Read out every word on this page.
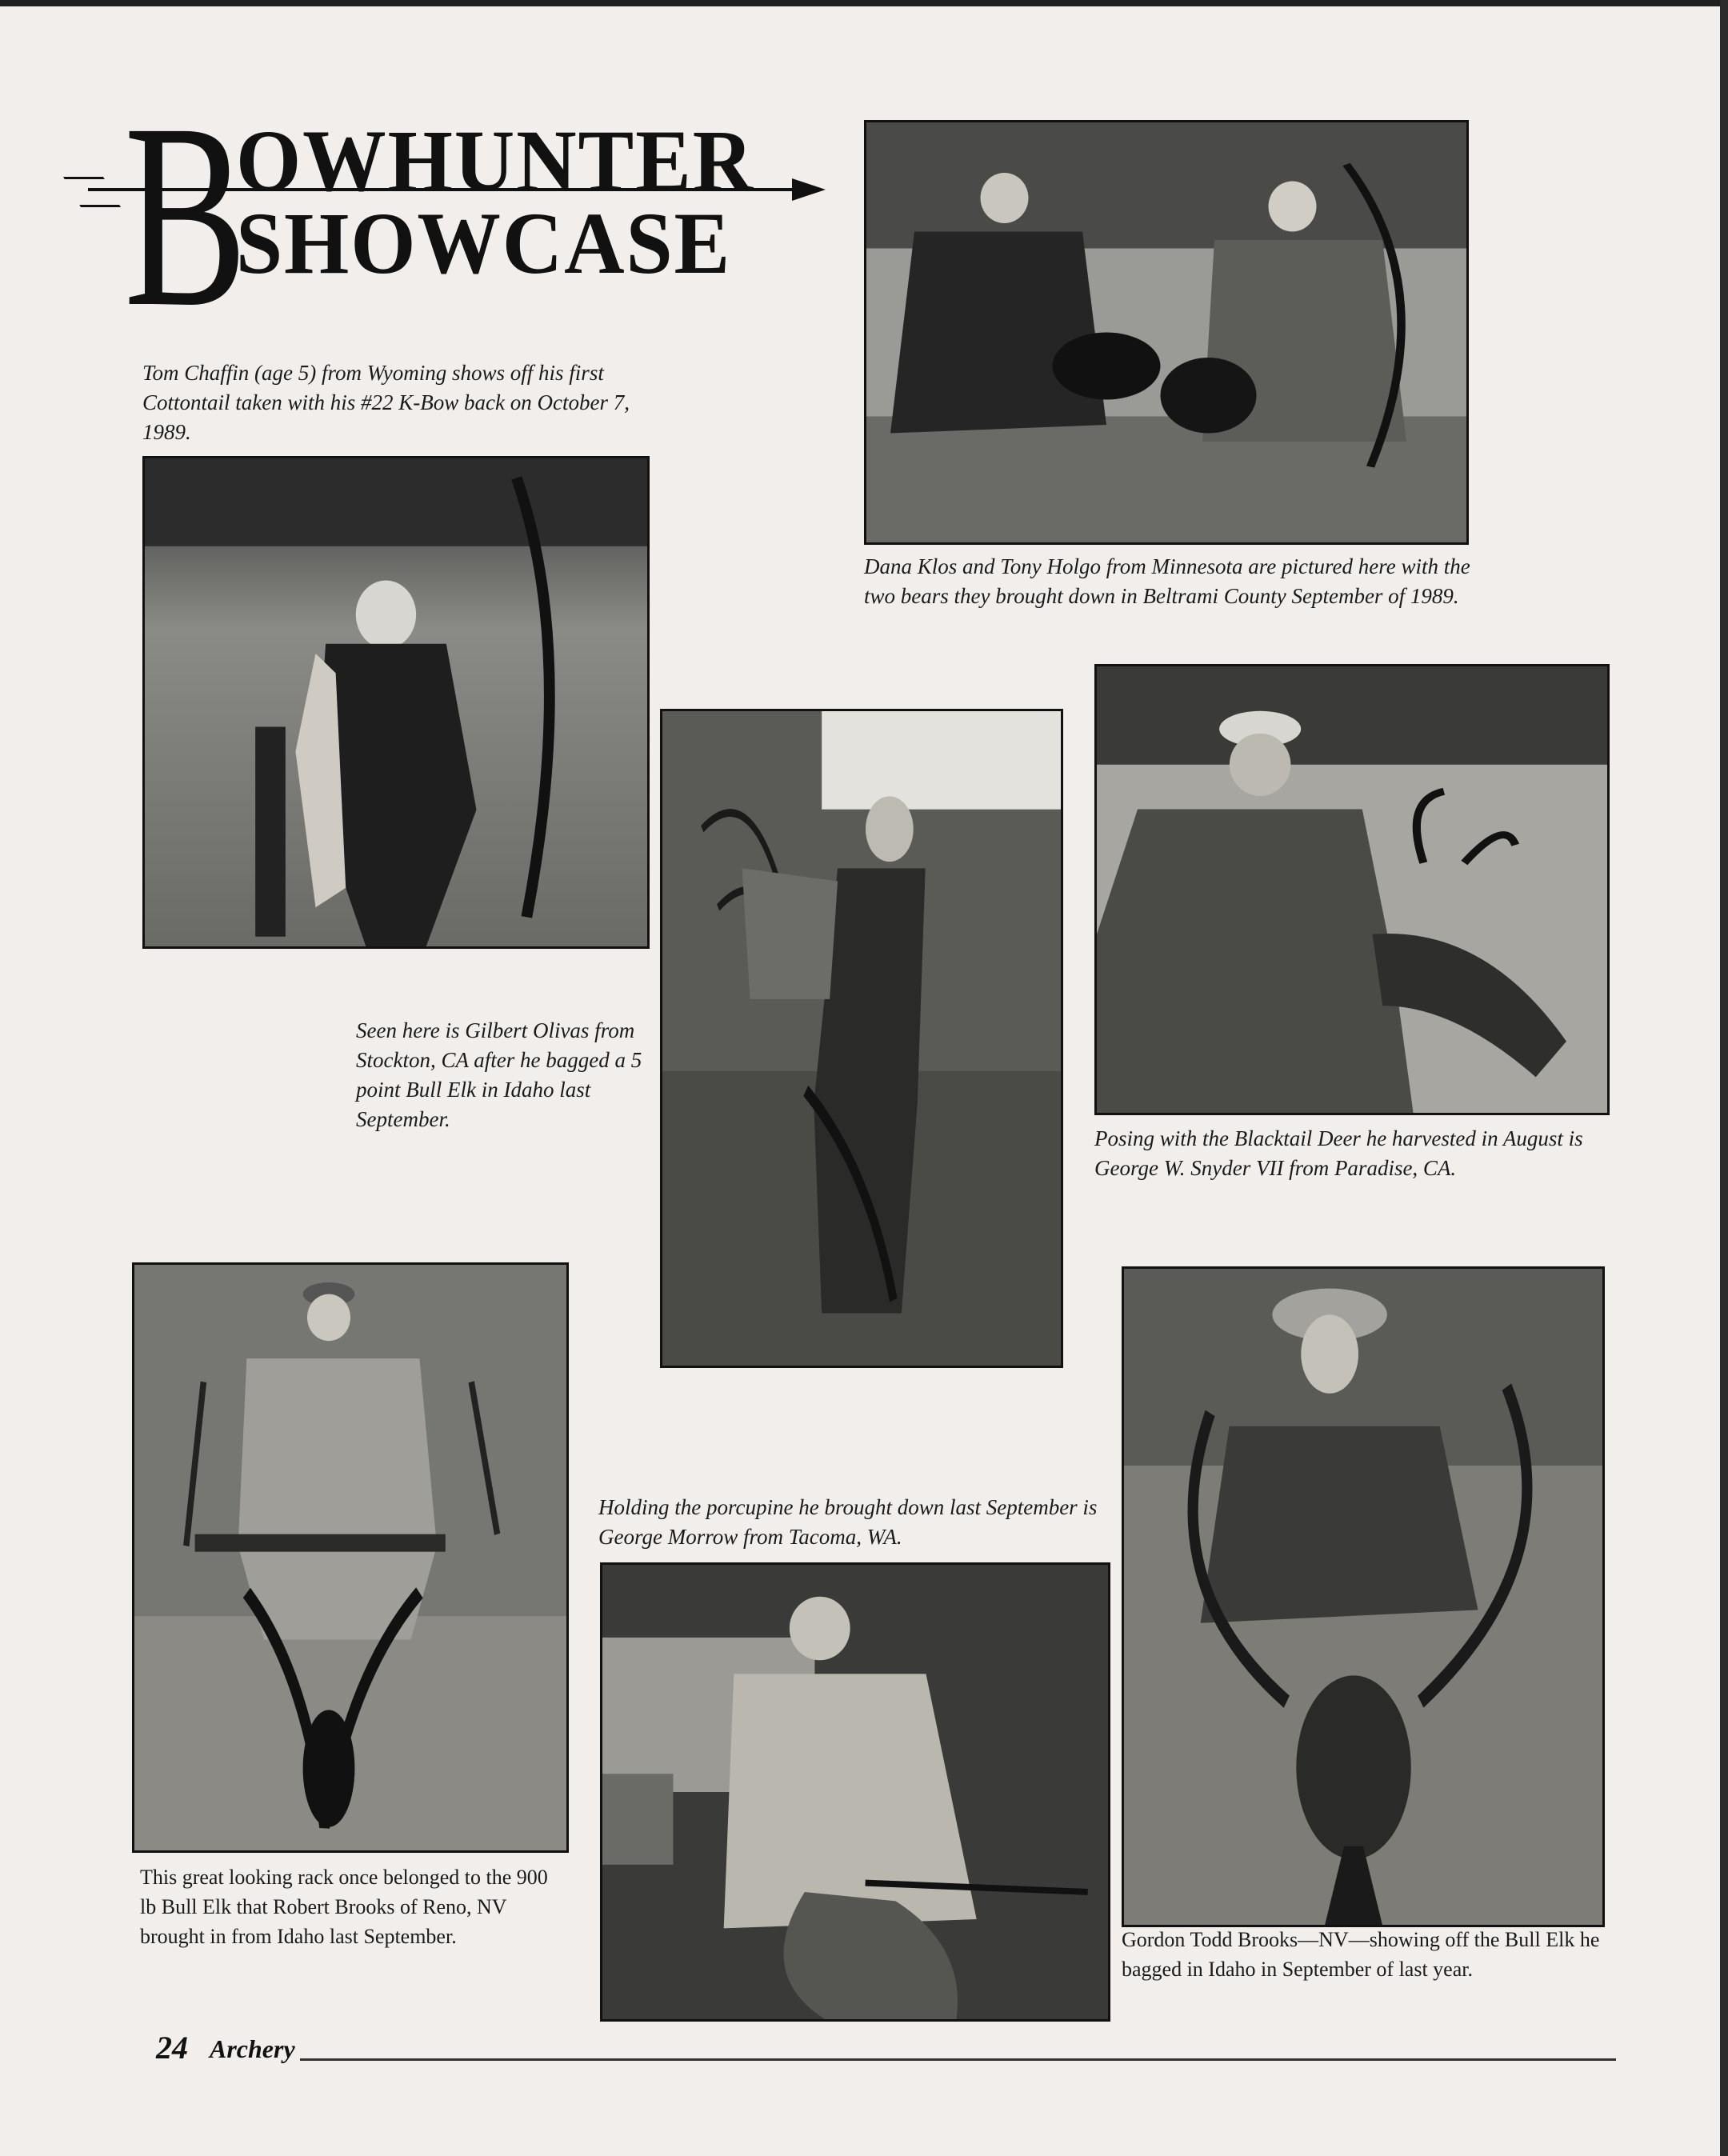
B
OWHUNTER
SHOWCASE
Tom Chaffin (age 5) from Wyoming shows off his first Cottontail taken with his #22 K-Bow back on October 7, 1989.
Dana Klos and Tony Holgo from Minnesota are pictured here with the two bears they brought down in Beltrami County September of 1989.
Seen here is Gilbert Olivas from Stockton, CA after he bagged a 5 point Bull Elk in Idaho last September.
Posing with the Blacktail Deer he harvested in August is George W. Snyder VII from Paradise, CA.
This great looking rack once belonged to the 900 lb Bull Elk that Robert Brooks of Reno, NV brought in from Idaho last September.
Holding the porcupine he brought down last September is George Morrow from Tacoma, WA.
Gordon Todd Brooks—NV—showing off the Bull Elk he bagged in Idaho in September of last year.
24 Archery
